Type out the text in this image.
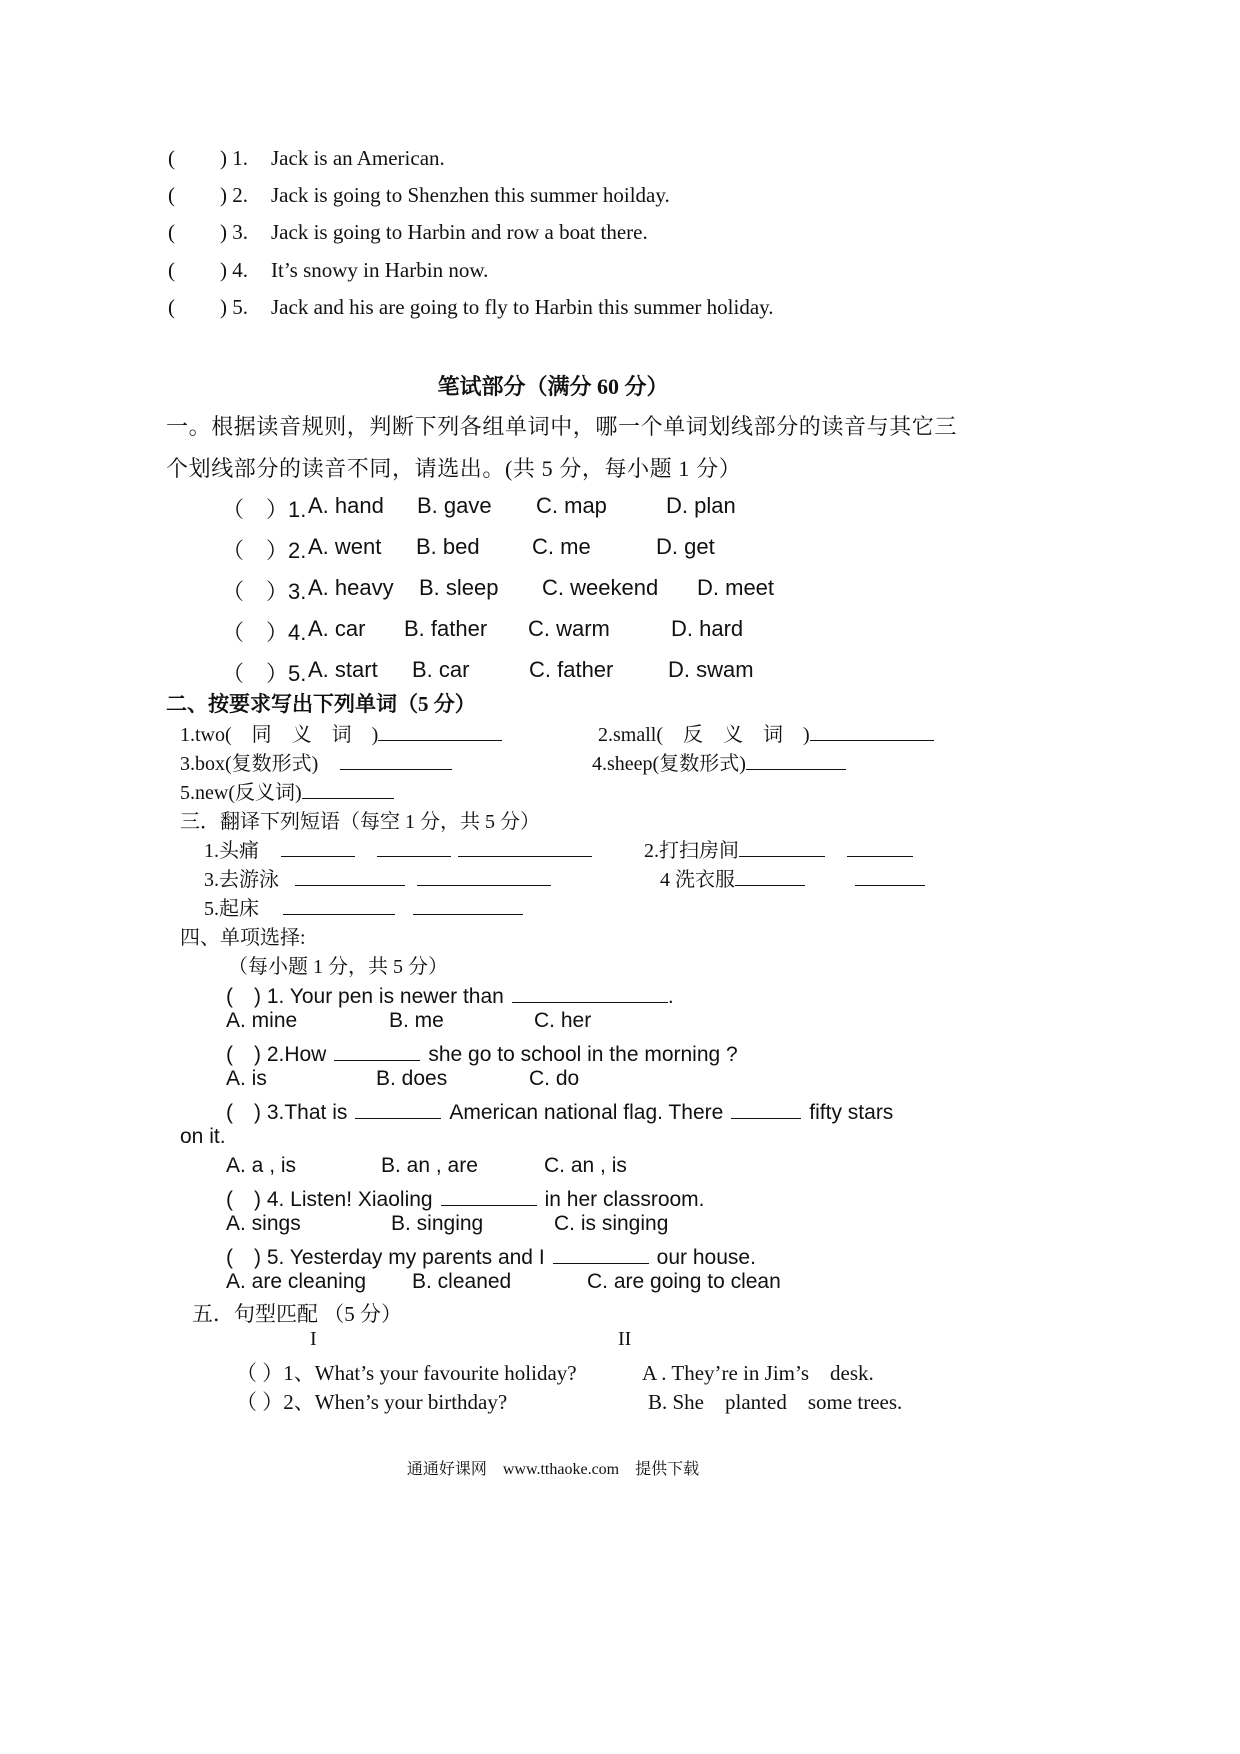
( ) 1. Jack is an American.
( ) 2. Jack is going to Shenzhen this summer hoilday.
( ) 3. Jack is going to Harbin and row a boat there.
( ) 4. It’s snowy in Harbin now.
( ) 5. Jack and his are going to fly to Harbin this summer holiday.
笔试部分（满分 60 分）
一。根据读音规则，判断下列各组单词中，哪一个单词划线部分的读音与其它三
个划线部分的读音不同，请选出。(共 5 分，每小题 1 分）
（　）1. A. hand B. gave C. map	D. plan
（　）2. A. went B. bed C. me	D. get
（　）3. A. heavy B. sleep C. weekend D. meet
（　）4. A. car B. father C. warm	D. hard
（　）5. A. start B. car	C. father D. swam
二、按要求写出下列单词（5 分）
1.two(　同　义　词　)	2.small(　反　义　词　)
3.box(复数形式)	4.sheep(复数形式)
5.new(反义词)
三．翻译下列短语（每空 1 分，共 5 分）
1.头痛	2.打扫房间
3.去游泳	4 洗衣服
5.起床
四、单项选择:
（每小题 1 分，共 5 分）
(　) 1. Your pen is newer than	.
A. mine	B. me	C. her
(　) 2.How	she go to school in the morning ?
A. is	B. does	C. do
(　) 3.That is	American national flag. There	fifty stars
on it.
A. a , is	B. an , are	C. an , is
(　) 4. Listen! Xiaoling	in her classroom.
A. sings	B. singing	C. is singing
(　) 5. Yesterday my parents and I	our house.
A. are cleaning B. cleaned	C. are going to clean
五．句型匹配 （5 分）
I	II
（ ）1、What’s your favourite holiday?	A . They’re in Jim’s　desk.
（ ）2、When’s your birthday?	B. She　planted　some trees.
通通好课网　www.tthaoke.com　提供下载
